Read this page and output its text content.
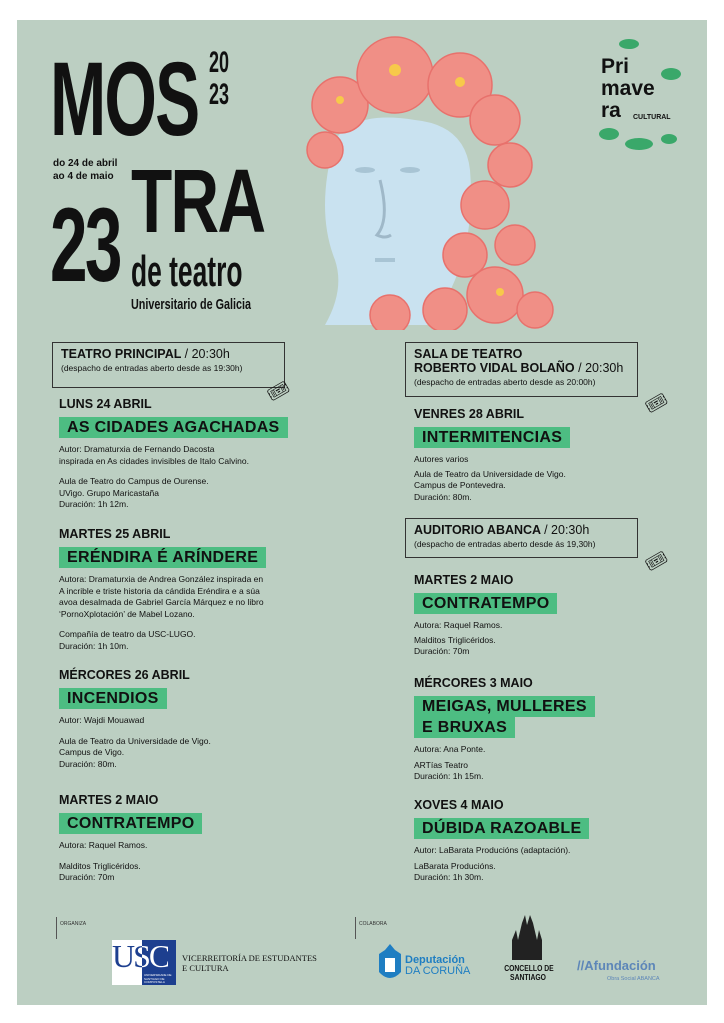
MOS 20
23
do 24 de abril
ao 4 de maio TRA
23 de teatro
Universitario de Galicia
Pri
mave
ra CULTURAL
TEATRO PRINCIPAL / 20:30h
(despacho de entradas aberto desde as 19:30h)
🎟
LUNS 24 ABRIL
AS CIDADES AGACHADAS
Autor: Dramaturxia de Fernando Dacosta
inspirada en As cidades invisibles de Italo Calvino.
Aula de Teatro do Campus de Ourense.
UVigo. Grupo Maricastaña
Duración: 1h 12m.
MARTES 25 ABRIL
ERÉNDIRA É ARÍNDERE
Autora: Dramaturxia de Andrea González inspirada en
A incrible e triste historia da cándida Eréndira e a súa
avoa desalmada de Gabriel García Márquez e no libro
‘PornoXplotación’ de Mabel Lozano.
Compañía de teatro da USC-LUGO.
Duración: 1h 10m.
MÉRCORES 26 ABRIL
INCENDIOS
Autor: Wajdi Mouawad
Aula de Teatro da Universidade de Vigo.
Campus de Vigo.
Duración: 80m.
MARTES 2 MAIO
CONTRATEMPO
Autora: Raquel Ramos.
Malditos Triglicéridos.
Duración: 70m
SALA DE TEATRO
ROBERTO VIDAL BOLAÑO / 20:30h
(despacho de entradas aberto desde as 20:00h)
🎟
VENRES 28 ABRIL
INTERMITENCIAS
Autores varios
Aula de Teatro da Universidade de Vigo.
Campus de Pontevedra.
Duración: 80m.
AUDITORIO ABANCA / 20:30h
(despacho de entradas aberto desde ás 19,30h)
🎟
MARTES 2 MAIO
CONTRATEMPO
Autora: Raquel Ramos.
Malditos Triglicéridos.
Duración: 70m
MÉRCORES 3 MAIO
MEIGAS, MULLERES
E BRUXAS
Autora: Ana Ponte.
ARTías Teatro
Duración: 1h 15m.
XOVES 4 MAIO
DÚBIDA RAZOABLE
Autor: LaBarata Producións (adaptación).
LaBarata Producións.
Duración: 1h 30m.
ORGANIZA	COLABORA
USC
UNIVERSIDADE DE SANTIAGO DE COMPOSTELA
VICERREITORÍA DE ESTUDANTES
E CULTURA
Deputación
DA CORUÑA	CONCELLO DE
SANTIAGO
//Afundación
Obra Social ABANCA
